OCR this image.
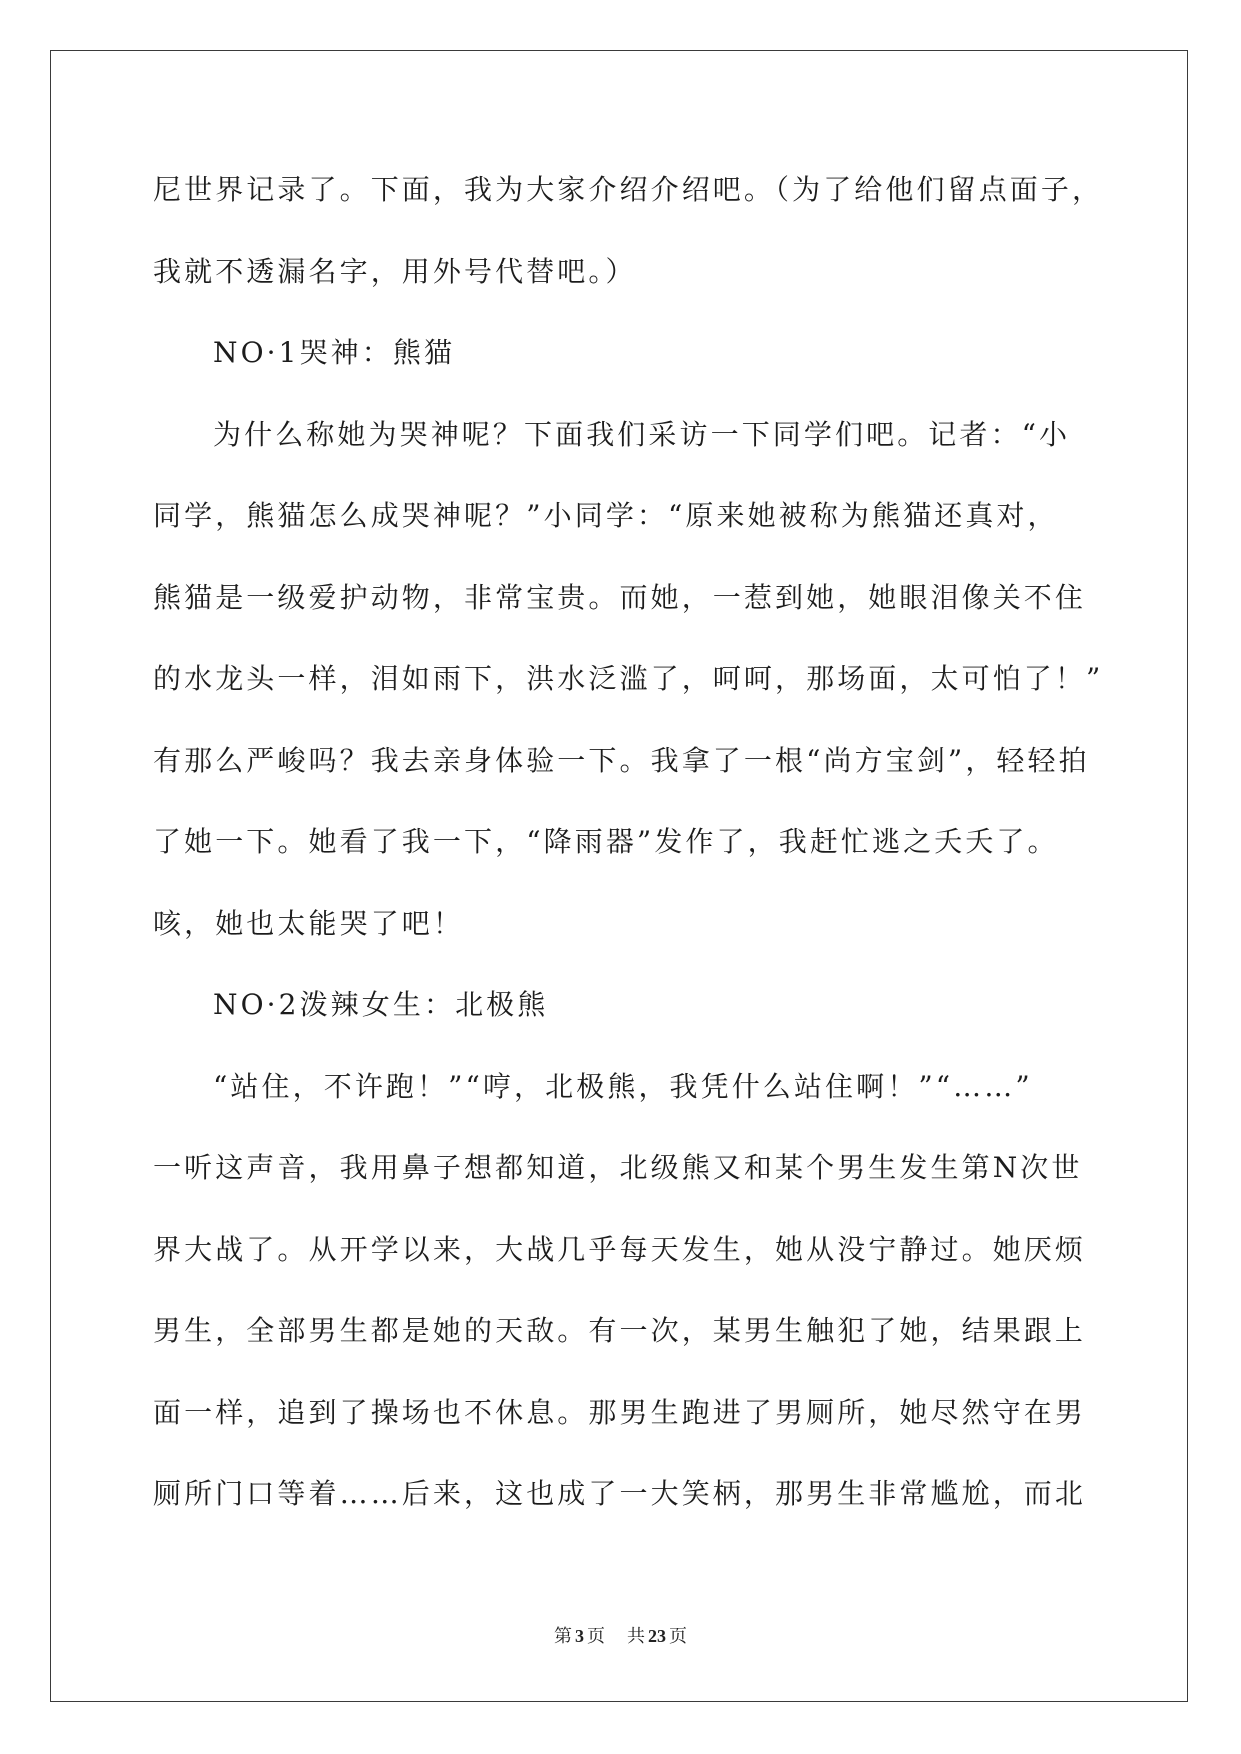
尼世界记录了。下面，我为大家介绍介绍吧。（为了给他们留点面子，
我就不透漏名字，用外号代替吧。）
NO·1哭神：熊猫
为什么称她为哭神呢？下面我们采访一下同学们吧。记者：“小
同学，熊猫怎么成哭神呢？”小同学：“原来她被称为熊猫还真对，
熊猫是一级爱护动物，非常宝贵。而她，一惹到她，她眼泪像关不住
的水龙头一样，泪如雨下，洪水泛滥了，呵呵，那场面，太可怕了！”
有那么严峻吗？我去亲身体验一下。我拿了一根“尚方宝剑”，轻轻拍
了她一下。她看了我一下，“降雨器”发作了，我赶忙逃之夭夭了。
咳，她也太能哭了吧！
NO·2泼辣女生：北极熊
“站住，不许跑！”“哼，北极熊，我凭什么站住啊！”“……”
一听这声音，我用鼻子想都知道，北级熊又和某个男生发生第N次世
界大战了。从开学以来，大战几乎每天发生，她从没宁静过。她厌烦
男生，全部男生都是她的天敌。有一次，某男生触犯了她，结果跟上
面一样，追到了操场也不休息。那男生跑进了男厕所，她尽然守在男
厕所门口等着……后来，这也成了一大笑柄，那男生非常尴尬，而北
第 3 页 共 23 页
